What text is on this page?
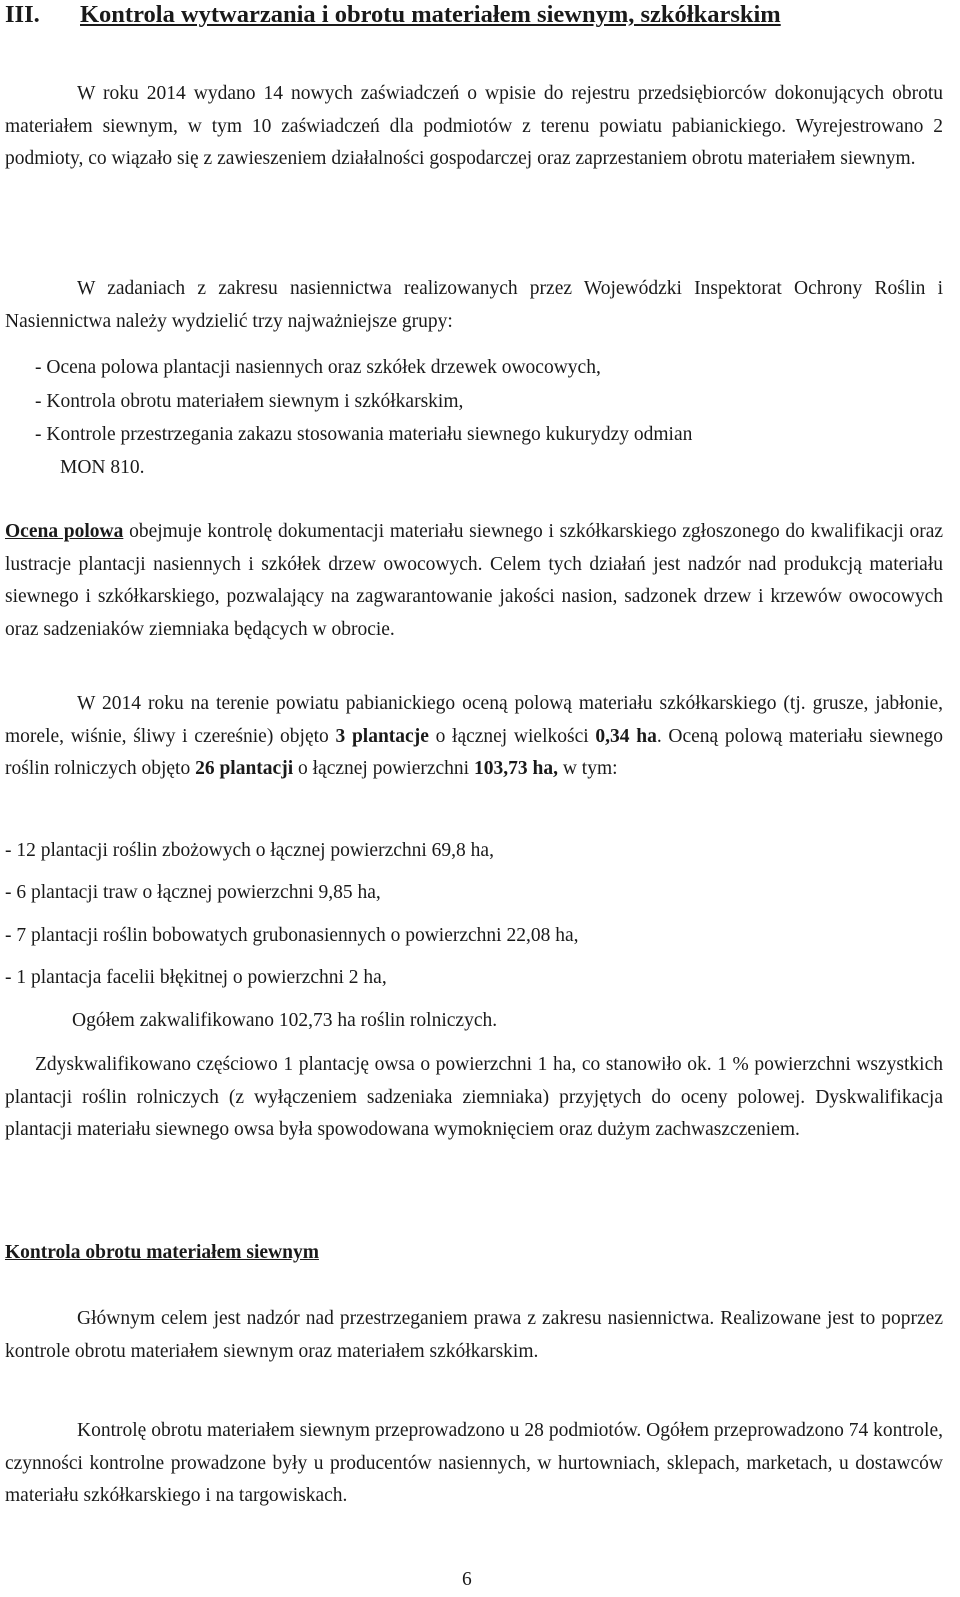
III. Kontrola wytwarzania i obrotu materiałem siewnym, szkółkarskim

W roku 2014 wydano 14 nowych zaświadczeń o wpisie do rejestru przedsiębiorców dokonujących obrotu materiałem siewnym, w tym 10 zaświadczeń dla podmiotów z terenu powiatu pabianickiego. Wyrejestrowano 2 podmioty, co wiązało się z zawieszeniem działalności gospodarczej oraz zaprzestaniem obrotu materiałem siewnym.

W zadaniach z zakresu nasiennictwa realizowanych przez Wojewódzki Inspektorat Ochrony Roślin i Nasiennictwa należy wydzielić trzy najważniejsze grupy:

- Ocena polowa plantacji nasiennych oraz szkółek drzewek owocowych,
- Kontrola obrotu materiałem siewnym i szkółkarskim,
- Kontrole przestrzegania zakazu stosowania materiału siewnego kukurydzy odmian
MON 810.

Ocena polowa obejmuje kontrolę dokumentacji materiału siewnego i szkółkarskiego zgłoszonego do kwalifikacji oraz lustracje plantacji nasiennych i szkółek drzew owocowych. Celem tych działań jest nadzór nad produkcją materiału siewnego i szkółkarskiego, pozwalający na zagwarantowanie jakości nasion, sadzonek drzew i krzewów owocowych oraz sadzeniaków ziemniaka będących w obrocie.

W 2014 roku na terenie powiatu pabianickiego oceną polową materiału szkółkarskiego (tj. grusze, jabłonie, morele, wiśnie, śliwy i czereśnie) objęto 3 plantacje o łącznej wielkości 0,34 ha. Oceną polową materiału siewnego roślin rolniczych objęto 26 plantacji o łącznej powierzchni 103,73 ha, w tym:

- 12 plantacji roślin zbożowych o łącznej powierzchni 69,8 ha,
- 6 plantacji traw o łącznej powierzchni 9,85 ha,
- 7 plantacji roślin bobowatych grubonasiennych o powierzchni 22,08 ha,
- 1 plantacja facelii błękitnej o powierzchni 2 ha,
Ogółem zakwalifikowano 102,73 ha roślin rolniczych.

Zdyskwalifikowano częściowo 1 plantację owsa o powierzchni 1 ha, co stanowiło ok. 1 % powierzchni wszystkich plantacji roślin rolniczych (z wyłączeniem sadzeniaka ziemniaka) przyjętych do oceny polowej. Dyskwalifikacja plantacji materiału siewnego owsa była spowodowana wymoknięciem oraz dużym zachwaszczeniem.

Kontrola obrotu materiałem siewnym

Głównym celem jest nadzór nad przestrzeganiem prawa z zakresu nasiennictwa. Realizowane jest to poprzez kontrole obrotu materiałem siewnym oraz materiałem szkółkarskim.

Kontrolę obrotu materiałem siewnym przeprowadzono u 28 podmiotów. Ogółem przeprowadzono 74 kontrole, czynności kontrolne prowadzone były u producentów nasiennych, w hurtowniach, sklepach, marketach, u dostawców materiału szkółkarskiego i na targowiskach.

6
